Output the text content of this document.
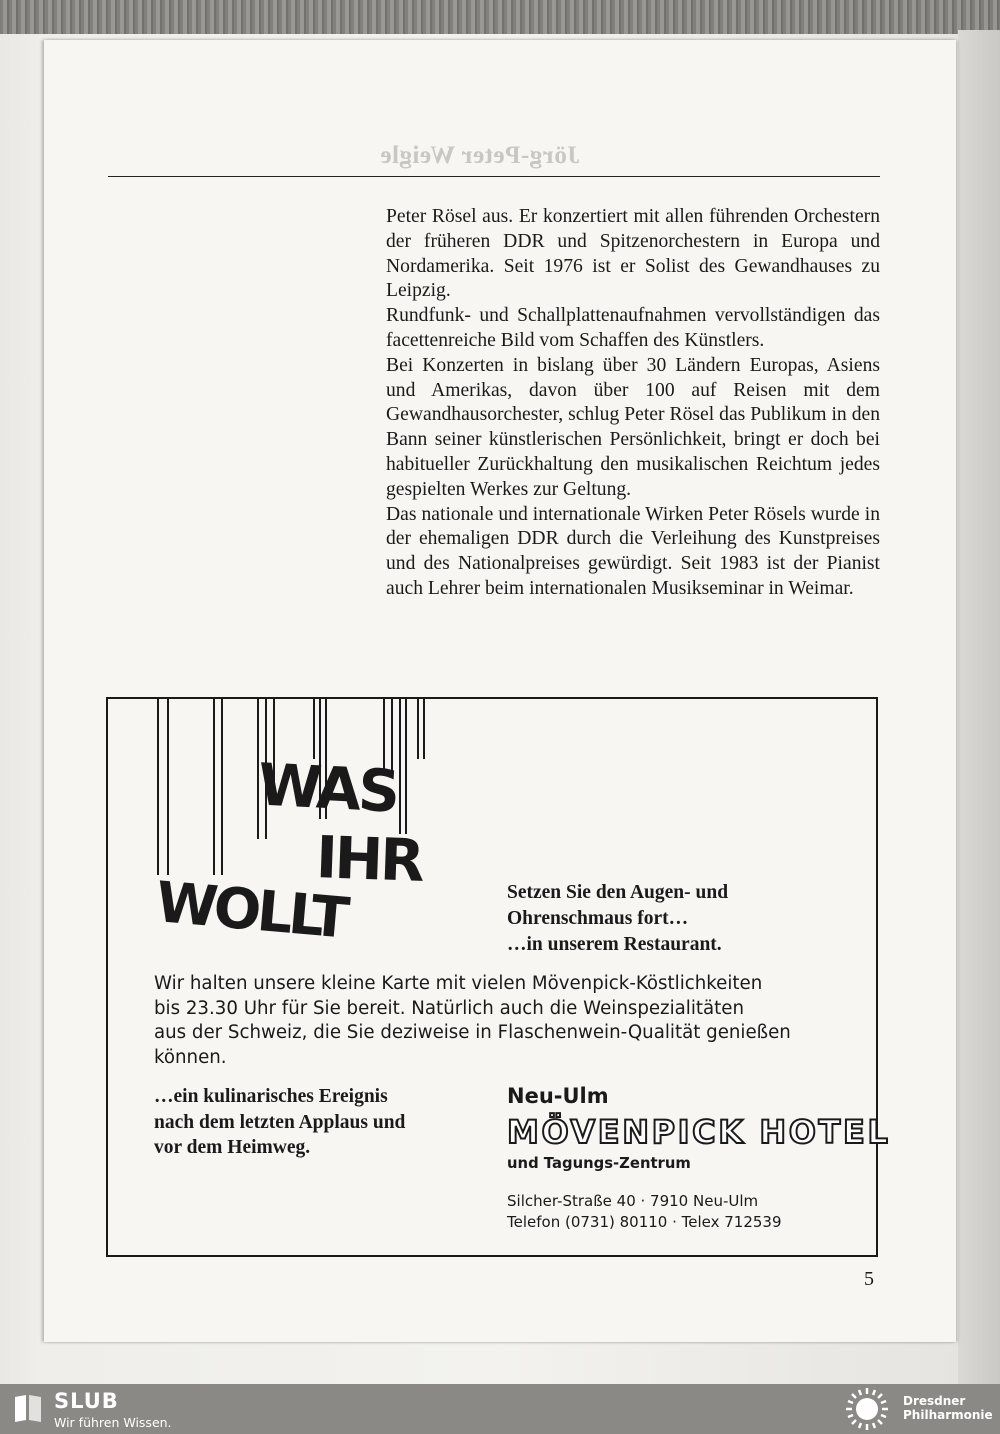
Jörg-Peter Weigle

Peter Rösel aus. Er konzertiert mit allen führenden Orchestern der früheren DDR und Spitzenorchestern in Europa und Nordamerika. Seit 1976 ist er Solist des Gewandhauses zu Leipzig.

Rundfunk- und Schallplattenaufnahmen vervollständigen das facettenreiche Bild vom Schaffen des Künstlers.

Bei Konzerten in bislang über 30 Ländern Europas, Asiens und Amerikas, davon über 100 auf Reisen mit dem Gewandhausorchester, schlug Peter Rösel das Publikum in den Bann seiner künstlerischen Persönlichkeit, bringt er doch bei habitueller Zurückhaltung den musikalischen Reichtum jedes gespielten Werkes zur Geltung.

Das nationale und internationale Wirken Peter Rösels wurde in der ehemaligen DDR durch die Verleihung des Kunstpreises und des Nationalpreises gewürdigt. Seit 1983 ist der Pianist auch Lehrer beim internationalen Musikseminar in Weimar.

WAS
IHR
WOLLT	Setzen Sie den Augen- und
Ohrenschmaus fort…
…in unserem Restaurant.
Wir halten unsere kleine Karte mit vielen Mövenpick-Köstlichkeiten
bis 23.30 Uhr für Sie bereit. Natürlich auch die Weinspezialitäten
aus der Schweiz, die Sie deziweise in Flaschenwein-Qualität genießen
können.
…ein kulinarisches Ereignis
nach dem letzten Applaus und
vor dem Heimweg.
Neu-Ulm
MÖVENPICK HOTEL
und Tagungs-Zentrum
Silcher-Straße 40 · 7910 Neu-Ulm
Telefon (0731) 80110 · Telex 712539
5
SLUB
Wir führen Wissen.
Dresdner
Philharmonie
